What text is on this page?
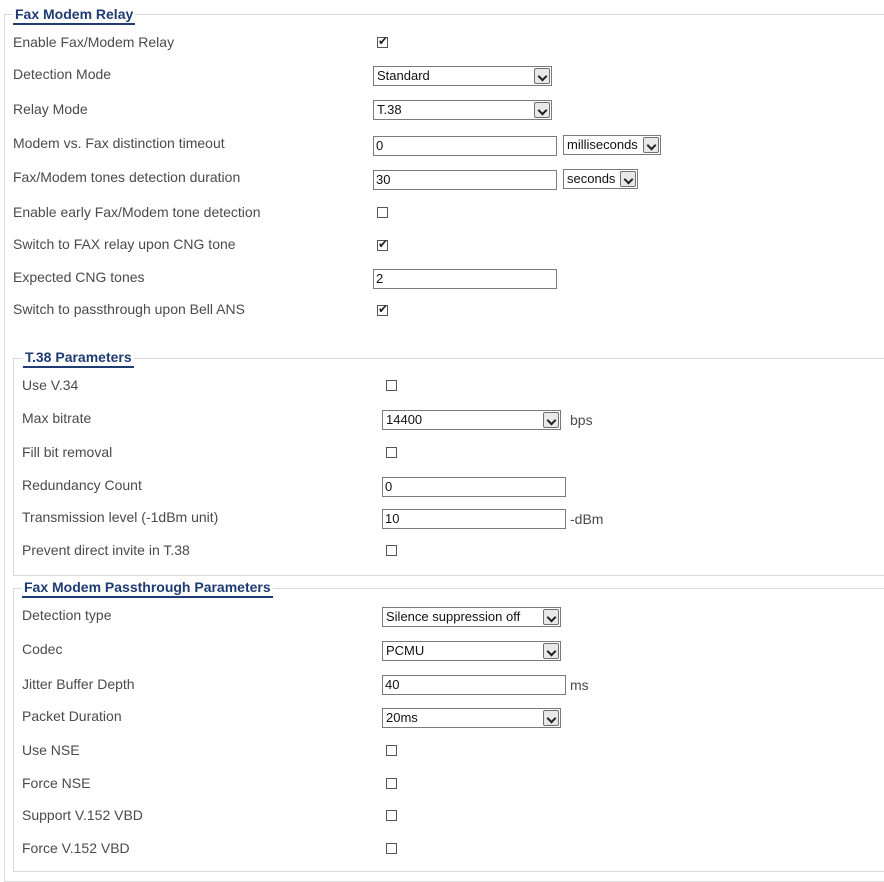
Fax Modem Relay
Enable Fax/Modem Relay	✔
Detection Mode	Standard
Relay Mode	T.38
Modem vs. Fax distinction timeout	0	milliseconds
Fax/Modem tones detection duration	30	seconds
Enable early Fax/Modem tone detection
Switch to FAX relay upon CNG tone	✔
Expected CNG tones	2
Switch to passthrough upon Bell ANS	✔
T.38 Parameters
Use V.34
Max bitrate	14400	bps
Fill bit removal
Redundancy Count	0
Transmission level (-1dBm unit)	10	-dBm
Prevent direct invite in T.38
Fax Modem Passthrough Parameters
Detection type	Silence suppression off
Codec	PCMU
Jitter Buffer Depth	40	ms
Packet Duration	20ms
Use NSE
Force NSE
Support V.152 VBD
Force V.152 VBD
